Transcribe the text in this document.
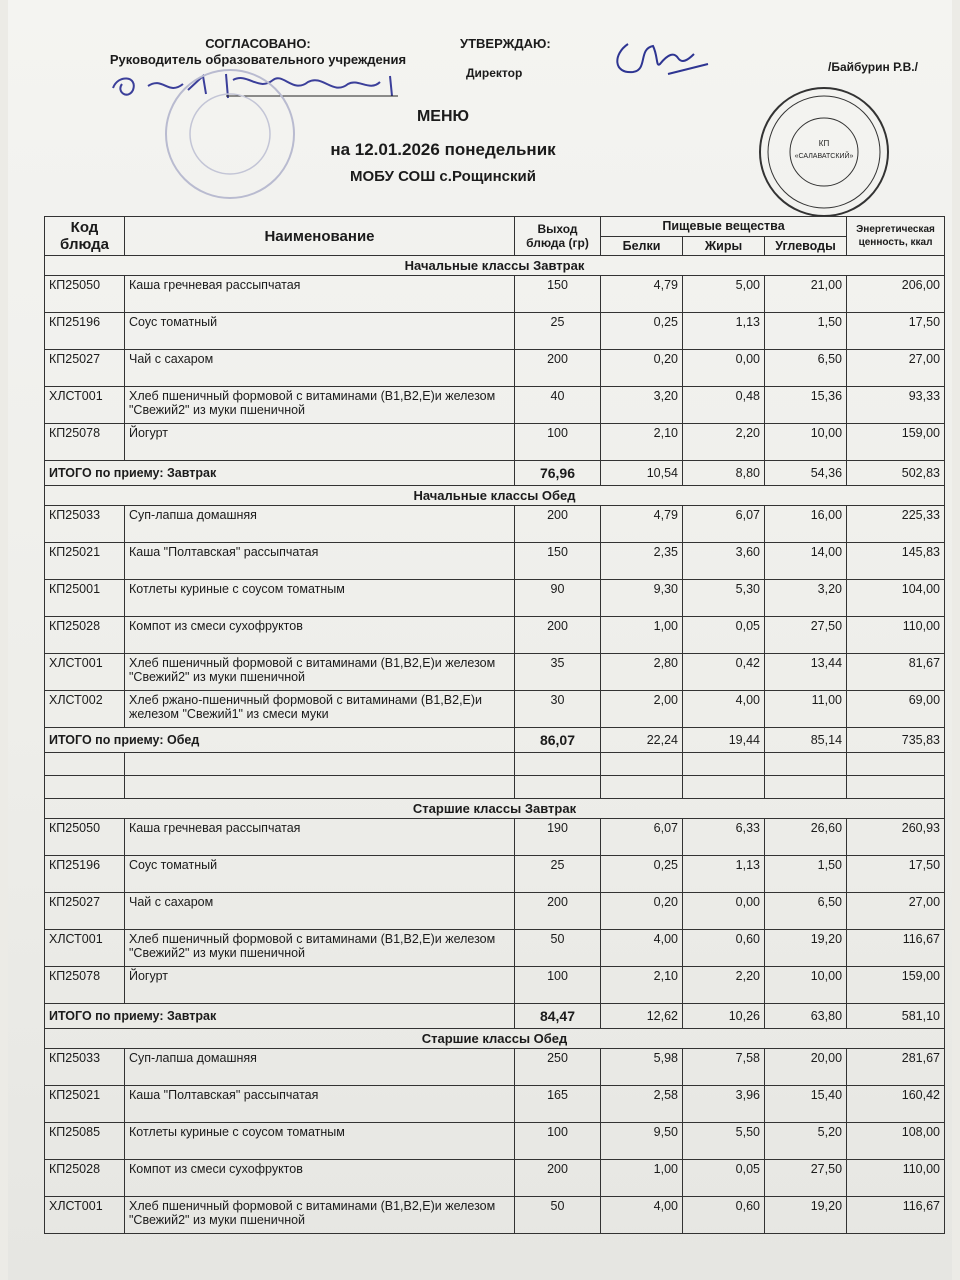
СОГЛАСОВАНО:
Руководитель образовательного учреждения
УТВЕРЖДАЮ:
Директор	/Байбурин Р.В./
КП
«САЛАВАТСКИЙ»
МЕНЮ
на 12.01.2026 понедельник
МОБУ СОШ с.Рощинский
Код блюда	Наименование	Выход блюда (гр)	Пищевые вещества			Энергетическая ценность, ккал
			Белки	Жиры	Углеводы	
Начальные классы Завтрак						
КП25050	Каша гречневая рассыпчатая	150	4,79	5,00	21,00	206,00
КП25196	Соус томатный	25	0,25	1,13	1,50	17,50
КП25027	Чай с сахаром	200	0,20	0,00	6,50	27,00
ХЛСТ001	Хлеб пшеничный формовой с витаминами (В1,В2,Е)и железом "Свежий2" из муки пшеничной	40	3,20	0,48	15,36	93,33
КП25078	Йогурт	100	2,10	2,20	10,00	159,00
ИТОГО по приему: Завтрак		76,96	10,54	8,80	54,36	502,83
Начальные классы Обед						
КП25033	Суп-лапша домашняя	200	4,79	6,07	16,00	225,33
КП25021	Каша "Полтавская" рассыпчатая	150	2,35	3,60	14,00	145,83
КП25001	Котлеты куриные с соусом томатным	90	9,30	5,30	3,20	104,00
КП25028	Компот из смеси сухофруктов	200	1,00	0,05	27,50	110,00
ХЛСТ001	Хлеб пшеничный формовой с витаминами (В1,В2,Е)и железом "Свежий2" из муки пшеничной	35	2,80	0,42	13,44	81,67
ХЛСТ002	Хлеб ржано-пшеничный формовой с витаминами (В1,В2,Е)и железом "Свежий1" из смеси муки	30	2,00	4,00	11,00	69,00
ИТОГО по приему: Обед		86,07	22,24	19,44	85,14	735,83

Старшие классы Завтрак						
КП25050	Каша гречневая рассыпчатая	190	6,07	6,33	26,60	260,93
КП25196	Соус томатный	25	0,25	1,13	1,50	17,50
КП25027	Чай с сахаром	200	0,20	0,00	6,50	27,00
ХЛСТ001	Хлеб пшеничный формовой с витаминами (В1,В2,Е)и железом "Свежий2" из муки пшеничной	50	4,00	0,60	19,20	116,67
КП25078	Йогурт	100	2,10	2,20	10,00	159,00
ИТОГО по приему: Завтрак		84,47	12,62	10,26	63,80	581,10
Старшие классы Обед						
КП25033	Суп-лапша домашняя	250	5,98	7,58	20,00	281,67
КП25021	Каша "Полтавская" рассыпчатая	165	2,58	3,96	15,40	160,42
КП25085	Котлеты куриные с соусом томатным	100	9,50	5,50	5,20	108,00
КП25028	Компот из смеси сухофруктов	200	1,00	0,05	27,50	110,00
ХЛСТ001	Хлеб пшеничный формовой с витаминами (В1,В2,Е)и железом "Свежий2" из муки пшеничной	50	4,00	0,60	19,20	116,67
